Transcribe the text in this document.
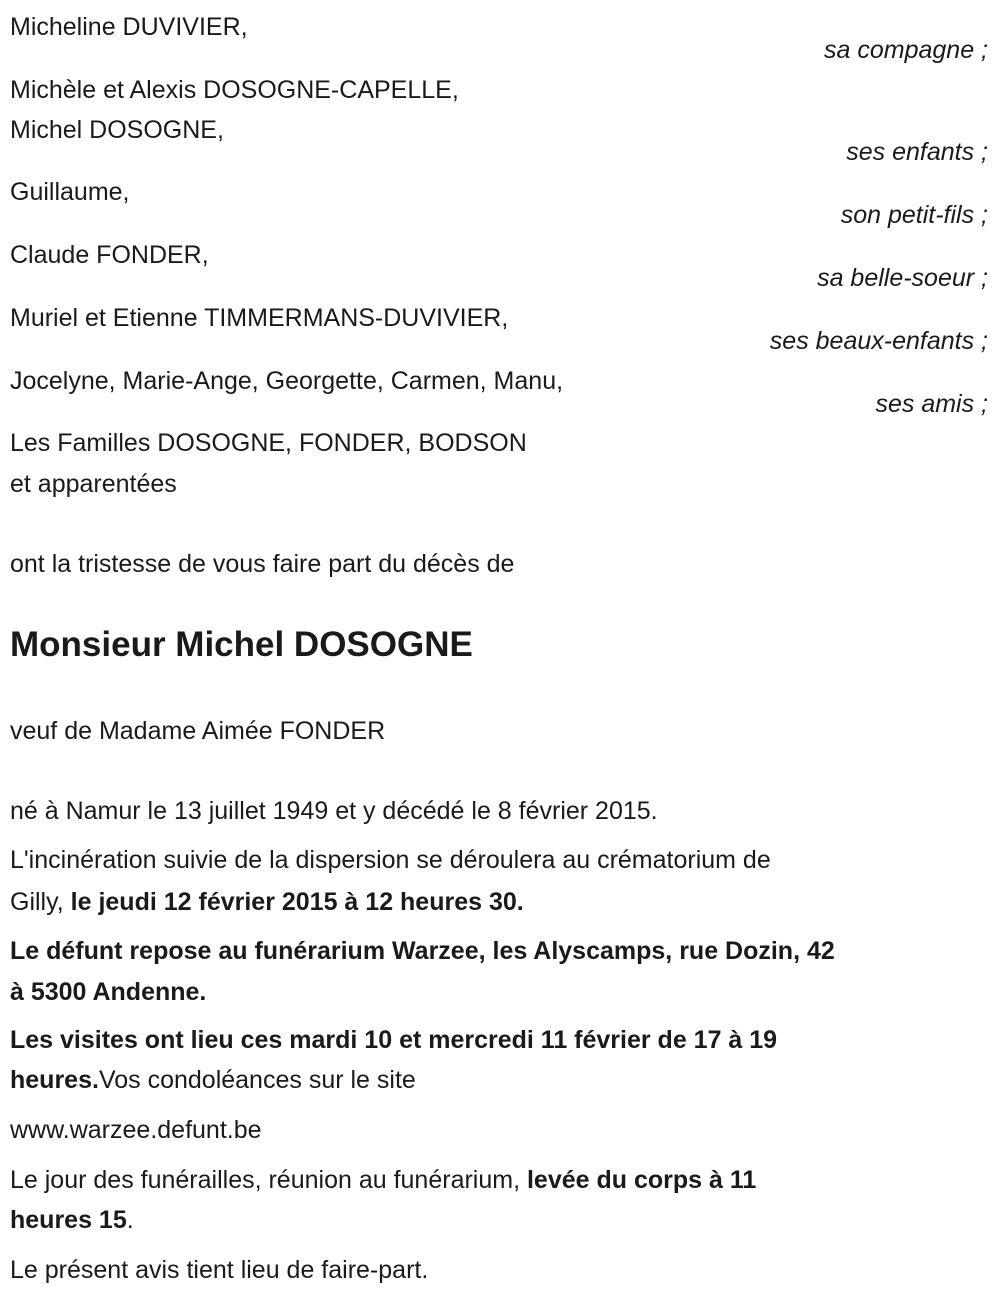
Micheline DUVIVIER,
sa compagne ;
Michèle et Alexis DOSOGNE-CAPELLE,
Michel DOSOGNE,
ses enfants ;
Guillaume,
son petit-fils ;
Claude FONDER,
sa belle-soeur ;
Muriel et Etienne TIMMERMANS-DUVIVIER,
ses beaux-enfants ;
Jocelyne, Marie-Ange, Georgette, Carmen, Manu,
ses amis ;
Les Familles DOSOGNE, FONDER, BODSON
et apparentées
ont la tristesse de vous faire part du décès de
Monsieur Michel DOSOGNE
veuf de Madame Aimée FONDER
né à Namur le 13 juillet 1949 et y décédé le 8 février 2015.
L'incinération suivie de la dispersion se déroulera au crématorium de
Gilly, le jeudi 12 février 2015 à 12 heures 30.
Le défunt repose au funérarium Warzee, les Alyscamps, rue Dozin, 42
à 5300 Andenne.
Les visites ont lieu ces mardi 10 et mercredi 11 février de 17 à 19
heures.Vos condoléances sur le site
www.warzee.defunt.be
Le jour des funérailles, réunion au funérarium, levée du corps à 11
heures 15.
Le présent avis tient lieu de faire-part.
